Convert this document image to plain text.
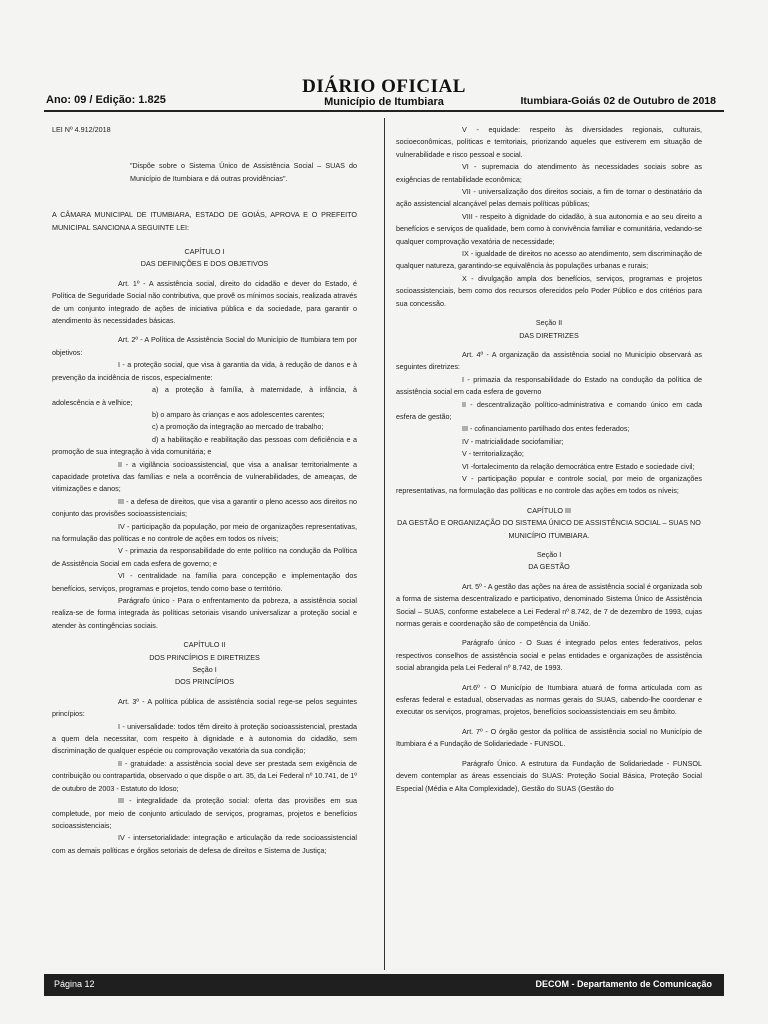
DIÁRIO OFICIAL
Ano: 09 / Edição: 1.825	Município de Itumbiara	Itumbiara-Goiás 02 de Outubro de 2018

LEI Nº 4.912/2018

"Dispõe sobre o Sistema Único de Assistência Social – SUAS do Município de Itumbiara e dá outras providências".

A CÂMARA MUNICIPAL DE ITUMBIARA, ESTADO DE GOIÁS, APROVA E O PREFEITO MUNICIPAL SANCIONA A SEGUINTE LEI:

CAPÍTULO I

DAS DEFINIÇÕES E DOS OBJETIVOS

Art. 1º - A assistência social, direito do cidadão e dever do Estado, é Política de Seguridade Social não contributiva, que provê os mínimos sociais, realizada através de um conjunto integrado de ações de iniciativa pública e da sociedade, para garantir o atendimento às necessidades básicas.

Art. 2º - A Política de Assistência Social do Município de Itumbiara tem por objetivos:

I - a proteção social, que visa à garantia da vida, à redução de danos e à prevenção da incidência de riscos, especialmente:

a) a proteção à família, à maternidade, à infância, à adolescência e à velhice;

b) o amparo às crianças e aos adolescentes carentes;

c) a promoção da integração ao mercado de trabalho;

d) a habilitação e reabilitação das pessoas com deficiência e a promoção de sua integração à vida comunitária; e

II - a vigilância socioassistencial, que visa a analisar territorialmente a capacidade protetiva das famílias e nela a ocorrência de vulnerabilidades, de ameaças, de vitimizações e danos;

III - a defesa de direitos, que visa a garantir o pleno acesso aos direitos no conjunto das provisões socioassistenciais;

IV - participação da população, por meio de organizações representativas, na formulação das políticas e no controle de ações em todos os níveis;

V - primazia da responsabilidade do ente político na condução da Política de Assistência Social em cada esfera de governo; e

VI - centralidade na família para concepção e implementação dos benefícios, serviços, programas e projetos, tendo como base o território.

Parágrafo único - Para o enfrentamento da pobreza, a assistência social realiza-se de forma integrada às políticas setoriais visando universalizar a proteção social e atender às contingências sociais.

CAPÍTULO II

DOS PRINCÍPIOS E DIRETRIZES

Seção I

DOS PRINCÍPIOS

Art. 3º - A política pública de assistência social rege-se pelos seguintes princípios:

I - universalidade: todos têm direito à proteção socioassistencial, prestada a quem dela necessitar, com respeito à dignidade e à autonomia do cidadão, sem discriminação de qualquer espécie ou comprovação vexatória da sua condição;

II - gratuidade: a assistência social deve ser prestada sem exigência de contribuição ou contrapartida, observado o que dispõe o art. 35, da Lei Federal nº 10.741, de 1º de outubro de 2003 - Estatuto do Idoso;

III - integralidade da proteção social: oferta das provisões em sua completude, por meio de conjunto articulado de serviços, programas, projetos e benefícios socioassistenciais;

IV - intersetorialidade: integração e articulação da rede socioassistencial com as demais políticas e órgãos setoriais de defesa de direitos e Sistema de Justiça;

V - equidade: respeito às diversidades regionais, culturais, socioeconômicas, políticas e territoriais, priorizando aqueles que estiverem em situação de vulnerabilidade e risco pessoal e social.

VI - supremacia do atendimento às necessidades sociais sobre as exigências de rentabilidade econômica;

VII - universalização dos direitos sociais, a fim de tornar o destinatário da ação assistencial alcançável pelas demais políticas públicas;

VIII - respeito à dignidade do cidadão, à sua autonomia e ao seu direito a benefícios e serviços de qualidade, bem como à convivência familiar e comunitária, vedando-se qualquer comprovação vexatória de necessidade;

IX - igualdade de direitos no acesso ao atendimento, sem discriminação de qualquer natureza, garantindo-se equivalência às populações urbanas e rurais;

X - divulgação ampla dos benefícios, serviços, programas e projetos socioassistenciais, bem como dos recursos oferecidos pelo Poder Público e dos critérios para sua concessão.

Seção II

DAS DIRETRIZES

Art. 4º - A organização da assistência social no Município observará as seguintes diretrizes:

I - primazia da responsabilidade do Estado na condução da política de assistência social em cada esfera de governo

II - descentralização político-administrativa e comando único em cada esfera de gestão;

III - cofinanciamento partilhado dos entes federados;

IV - matricialidade sociofamiliar;

V - territorialização;

VI -fortalecimento da relação democrática entre Estado e sociedade civil;

V - participação popular e controle social, por meio de organizações representativas, na formulação das políticas e no controle das ações em todos os níveis;

CAPÍTULO III

DA GESTÃO E ORGANIZAÇÃO DO SISTEMA ÚNICO DE ASSISTÊNCIA SOCIAL – SUAS NO MUNICÍPIO ITUMBIARA.

Seção I

DA GESTÃO

Art. 5º - A gestão das ações na área de assistência social é organizada sob a forma de sistema descentralizado e participativo, denominado Sistema Único de Assistência Social – SUAS, conforme estabelece a Lei Federal nº 8.742, de 7 de dezembro de 1993, cujas normas gerais e coordenação são de competência da União.

Parágrafo único - O Suas é integrado pelos entes federativos, pelos respectivos conselhos de assistência social e pelas entidades e organizações de assistência social abrangida pela Lei Federal nº 8.742, de 1993.

Art.6º - O Município de Itumbiara atuará de forma articulada com as esferas federal e estadual, observadas as normas gerais do SUAS, cabendo-lhe coordenar e executar os serviços, programas, projetos, benefícios socioassistenciais em seu âmbito.

Art. 7º - O órgão gestor da política de assistência social no Município de Itumbiara é a Fundação de Solidariedade - FUNSOL.

Parágrafo Único. A estrutura da Fundação de Solidariedade - FUNSOL devem contemplar as áreas essenciais do SUAS: Proteção Social Básica, Proteção Social Especial (Média e Alta Complexidade), Gestão do SUAS (Gestão do

Página 12	DECOM - Departamento de Comunicação
